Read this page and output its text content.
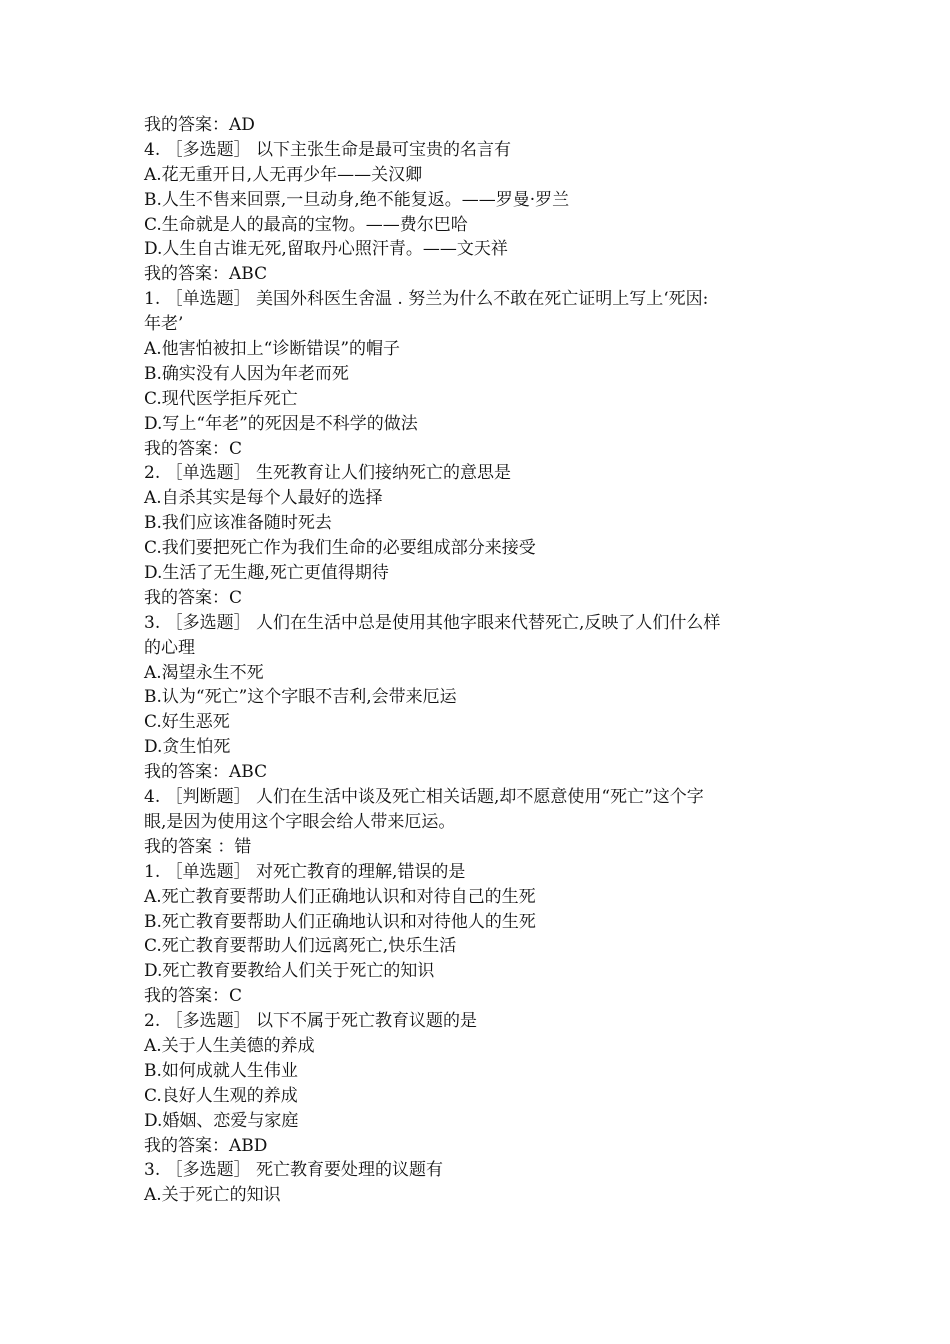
我的答案：AD
4. ［多选题］ 以下主张生命是最可宝贵的名言有
A.花无重开日,人无再少年——关汉卿
B.人生不售来回票,一旦动身,绝不能复返。——罗曼·罗兰
C.生命就是人的最高的宝物。——费尔巴哈
D.人生自古谁无死,留取丹心照汗青。——文天祥
我的答案：ABC
1. ［单选题］ 美国外科医生舍温 . 努兰为什么不敢在死亡证明上写上‘死因:
年老’
A.他害怕被扣上“诊断错误”的帽子
B.确实没有人因为年老而死
C.现代医学拒斥死亡
D.写上“年老”的死因是不科学的做法
我的答案：C
2. ［单选题］ 生死教育让人们接纳死亡的意思是
A.自杀其实是每个人最好的选择
B.我们应该准备随时死去
C.我们要把死亡作为我们生命的必要组成部分来接受
D.生活了无生趣,死亡更值得期待
我的答案：C
3. ［多选题］ 人们在生活中总是使用其他字眼来代替死亡,反映了人们什么样
的心理
A.渴望永生不死
B.认为“死亡”这个字眼不吉利,会带来厄运
C.好生恶死
D.贪生怕死
我的答案：ABC
4. ［判断题］ 人们在生活中谈及死亡相关话题,却不愿意使用“死亡”这个字
眼,是因为使用这个字眼会给人带来厄运。
我的答案 ：错
1. ［单选题］ 对死亡教育的理解,错误的是
A.死亡教育要帮助人们正确地认识和对待自己的生死
B.死亡教育要帮助人们正确地认识和对待他人的生死
C.死亡教育要帮助人们远离死亡,快乐生活
D.死亡教育要教给人们关于死亡的知识
我的答案：C
2. ［多选题］ 以下不属于死亡教育议题的是
A.关于人生美德的养成
B.如何成就人生伟业
C.良好人生观的养成
D.婚姻、恋爱与家庭
我的答案：ABD
3. ［多选题］ 死亡教育要处理的议题有
A.关于死亡的知识
